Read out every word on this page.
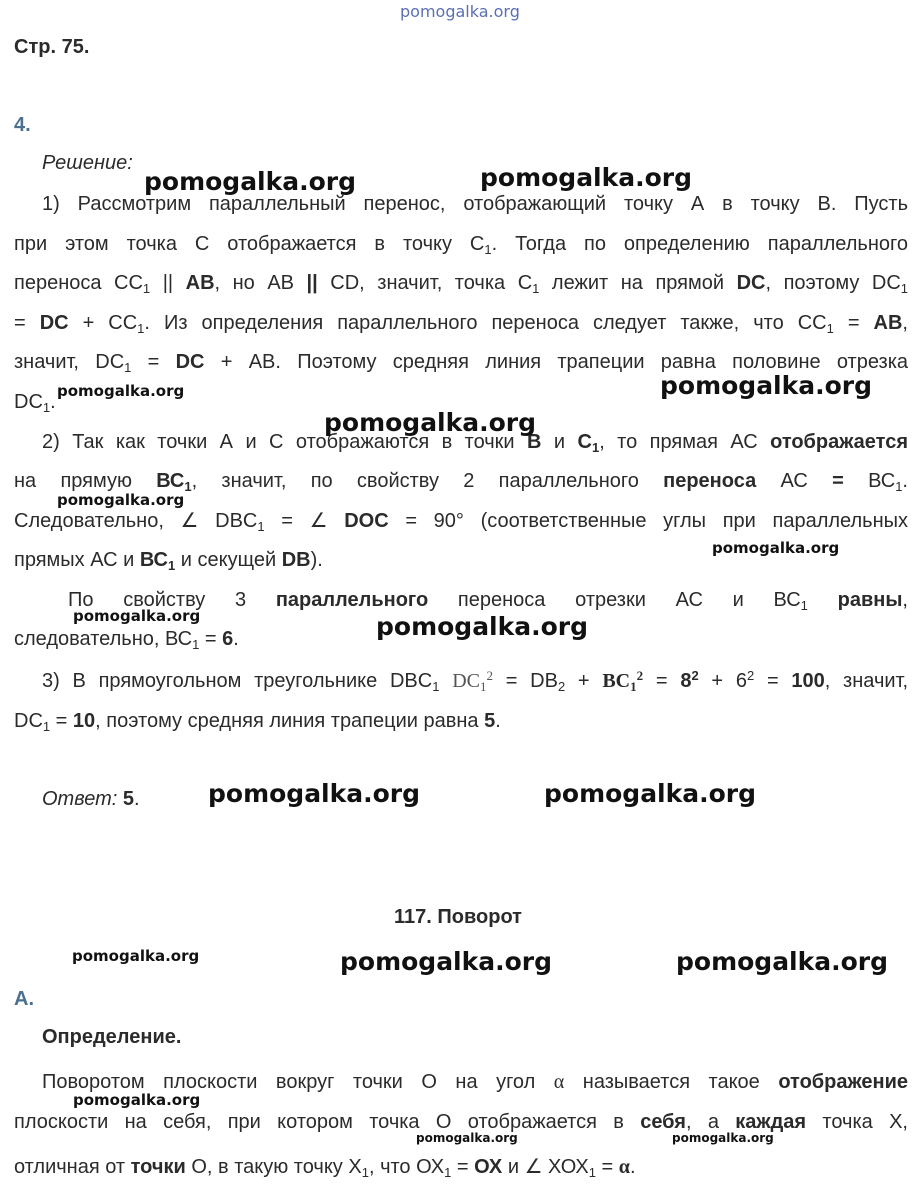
pomogalka.org
Стр. 75.
4.
Решение:
1) Рассмотрим параллельный перенос, отображающий точку А в точку В. Пусть
при этом точка С отображается в точку $С_1$. Тогда по определению параллельного
переноса $СС_1$ || АВ, но АВ || CD, значит, точка $С_1$ лежит на прямой DC, поэтому $DC_1$
= DC + $СС_1$. Из определения параллельного переноса следует также, что $СС_1$ = АВ,
значит, $DC_1$ = DC + АВ. Поэтому средняя линия трапеции равна половине отрезка
$DC_1$.
2) Так как точки А и С отображаются в точки В и $С_1$, то прямая АС отображается
на прямую $ВС_1$, значит, по свойству 2 параллельного переноса АС = $ВС_1$.
Следовательно, ∠ $DBC_1$ = ∠ DOC = 90° (соответственные углы при параллельных
прямых АС и $ВС_1$ и секущей DB).
По свойству 3 параллельного переноса отрезки АС и $ВС_1$ равны,
следовательно, $ВС_1 = 6$.
3) В прямоугольном треугольнике $DBC_1$ $DC_1^2 = DB_2 + BC_1^2 = 8^2 + 6^2 = 100$, значит,
$DC_1 = 10$, поэтому средняя линия трапеции равна 5.
Ответ: 5.
117. Поворот
А.
Определение.
Поворотом плоскости вокруг точки О на угол α называется такое отображение
плоскости на себя, при котором точка О отображается в себя, а каждая точка Х,
отличная от точки О, в такую точку $Х_1$, что $ОХ_1$ = ОХ и ∠ $ХОХ_1 = \alpha$.
pomogalka.org	pomogalka.org
pomogalka.org	pomogalka.org
pomogalka.org
pomogalka.org
pomogalka.org
pomogalka.org	pomogalka.org
pomogalka.org	pomogalka.org
pomogalka.org	pomogalka.org	pomogalka.org
pomogalka.org
pomogalka.org	pomogalka.org
